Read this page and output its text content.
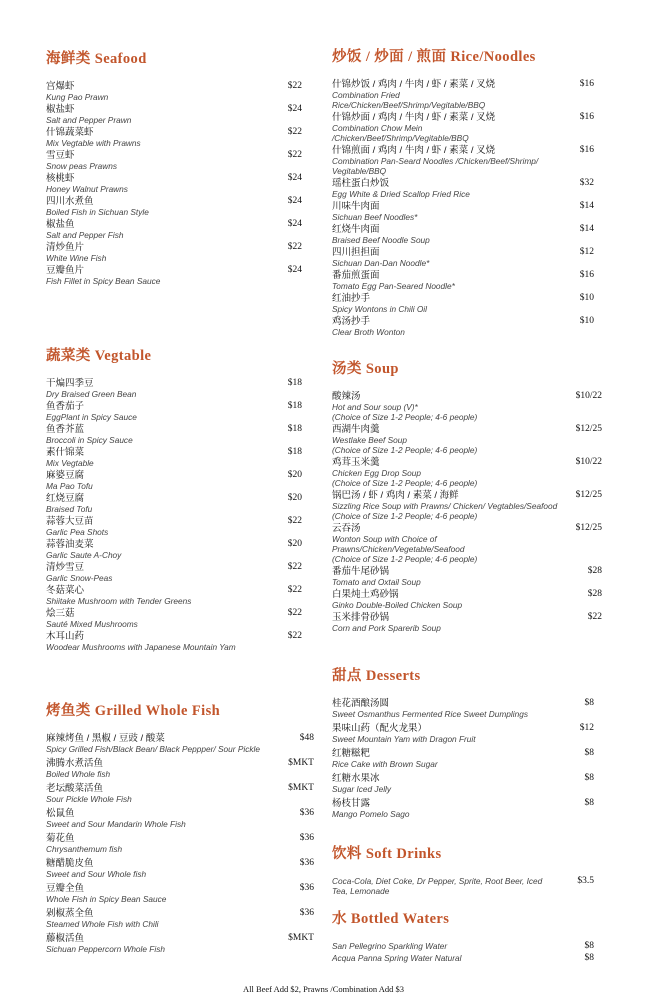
海鲜类 Seafood
宫爆虾
Kung Pao Prawn
$22
椒盐虾
Salt and Pepper Prawn
$24
什锦蔬菜虾
Mix Vegtable with Prawns
$22
雪豆虾
Snow peas Prawns
$22
核桃虾
Honey Walnut Prawns
$24
四川水煮鱼
Boiled Fish in Sichuan Style
$24
椒盐鱼
Salt and Pepper Fish
$24
清炒鱼片
White Wine Fish
$22
豆瓣鱼片
Fish Fillet in Spicy Bean Sauce
$24
蔬菜类 Vegtable
干煸四季豆
Dry Braised Green Bean
$18
鱼香茄子
EggPlant in Spicy Sauce
$18
鱼香芥蓝
Broccoli in Spicy Sauce
$18
素什锦菜
Mix Vegtable
$18
麻婆豆腐
Ma Pao Tofu
$20
红烧豆腐
Braised Tofu
$20
蒜蓉大豆苗
Garlic Pea Shots
$22
蒜蓉油麦菜
Garlic Saute A-Choy
$20
清炒雪豆
Garlic Snow-Peas
$22
冬菇菜心
Shiitake Mushroom with Tender Greens
$22
烩三菇
Sauté Mixed Mushrooms
$22
木耳山药
Woodear Mushrooms with Japanese Mountain Yam
$22
烤鱼类 Grilled Whole Fish
麻辣烤鱼 / 黑椒 / 豆豉 / 酸菜
Spicy Grilled Fish/Black Bean/ Black Peppper/ Sour Pickle
$48
沸腾水煮活鱼
Boiled Whole fish
$MKT
老坛酸菜活鱼
Sour Pickle Whole Fish
$MKT
松鼠鱼
Sweet and Sour Mandarin Whole Fish
$36
菊花鱼
Chrysanthemum fish
$36
糖醋脆皮鱼
Sweet and Sour Whole fish
$36
豆瓣全鱼
Whole Fish in Spicy Bean Sauce
$36
剁椒蒸全鱼
Steamed Whole Fish with Chili
$36
藤椒活鱼
Sichuan Peppercorn Whole Fish
$MKT
炒饭 / 炒面 / 煎面 Rice/Noodles
什锦炒饭 / 鸡肉 / 牛肉 / 虾 / 素菜 / 叉烧
Combination Fried Rice/Chicken/Beef/Shrimp/Vegitable/BBQ
$16
什锦炒面 / 鸡肉 / 牛肉 / 虾 / 素菜 / 叉烧
Combination Chow Mein /Chicken/Beef/Shrimp/Vegitable/BBQ
$16
什锦煎面 / 鸡肉 / 牛肉 / 虾 / 素菜 / 叉烧
Combination Pan-Seard Noodles /Chicken/Beef/Shrimp/ Vegitable/BBQ
$16
瑶柱蛋白炒饭
Egg White & Dried Scallop Fried Rice
$32
川味牛肉面
Sichuan Beef Noodles*
$14
红烧牛肉面
Braised Beef Noodle Soup
$14
四川担担面
Sichuan Dan-Dan Noodle*
$12
番茄煎蛋面
Tomato Egg Pan-Seared Noodle*
$16
红油抄手
Spicy Wontons in Chili Oil
$10
鸡汤抄手
Clear Broth Wonton
$10
汤类 Soup
酸辣汤
Hot and Sour soup (V)*
(Choice of Size 1-2 People; 4-6 people)
$10/22
西湖牛肉羹
Westlake Beef Soup
(Choice of Size 1-2 People; 4-6 people)
$12/25
鸡茸玉米羹
Chicken Egg Drop Soup
(Choice of Size 1-2 People; 4-6 people)
$10/22
锅巴汤 / 虾 / 鸡肉 / 素菜 / 海鲜
Sizzling Rice Soup with Prawns/ Chicken/ Vegtables/Seafood
(Choice of Size 1-2 People; 4-6 people)
$12/25
云吞汤
Wonton Soup with Choice of Prawns/Chicken/Vegetable/Seafood
(Choice of Size 1-2 People; 4-6 people)
$12/25
番茄牛尾砂锅
Tomato and Oxtail Soup
$28
白果炖土鸡砂锅
Ginko Double-Boiled Chicken Soup
$28
玉米排骨砂锅
Corn and Pork Sparerib Soup
$22
甜点 Desserts
桂花酒酿汤圆
Sweet Osmanthus Fermented Rice Sweet Dumplings
$8
果味山药（配火龙果）
Sweet Mountain Yam with Dragon Fruit
$12
红糖糍粑
Rice Cake with Brown Sugar
$8
红糖水果冰
Sugar Iced Jelly
$8
杨枝甘露
Mango Pomelo Sago
$8
饮料 Soft Drinks
Coca-Cola, Diet Coke, Dr Pepper, Sprite, Root Beer, Iced Tea, Lemonade
$3.5
水 Bottled Waters
San Pellegrino Sparkling Water	$8
Acqua Panna Spring Water Natural	$8
All Beef Add $2, Prawns /Combination Add $3
